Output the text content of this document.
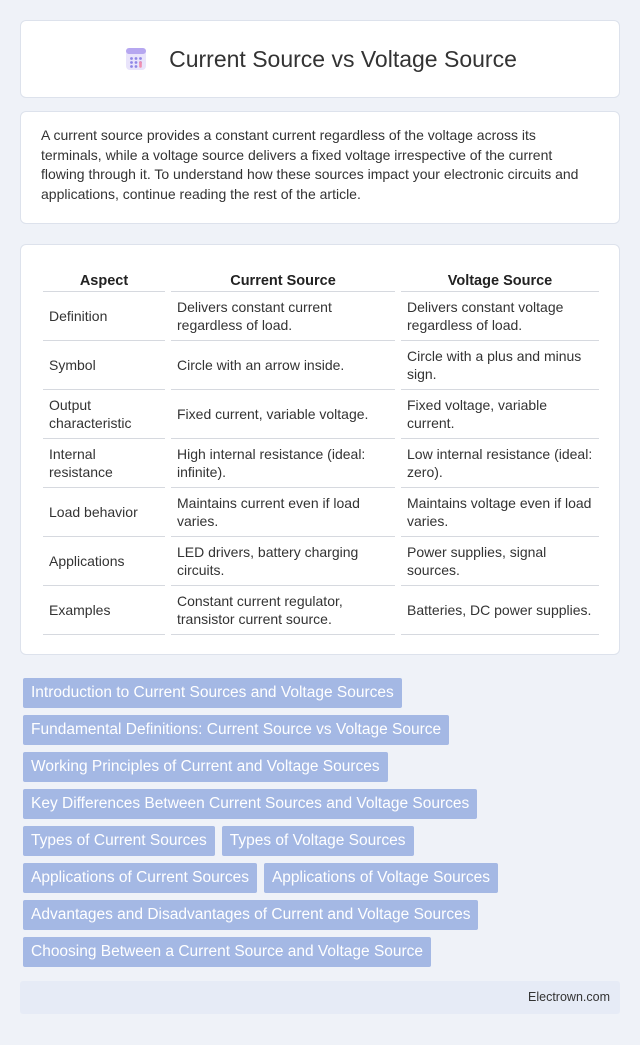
Current Source vs Voltage Source

A current source provides a constant current regardless of the voltage across its terminals, while a voltage source delivers a fixed voltage irrespective of the current flowing through it. To understand how these sources impact your electronic circuits and applications, continue reading the rest of the article.

Aspect	Current Source	Voltage Source
Definition	Delivers constant current regardless of load.	Delivers constant voltage regardless of load.
Symbol	Circle with an arrow inside.	Circle with a plus and minus sign.
Output characteristic	Fixed current, variable voltage.	Fixed voltage, variable current.
Internal resistance	High internal resistance (ideal: infinite).	Low internal resistance (ideal: zero).
Load behavior	Maintains current even if load varies.	Maintains voltage even if load varies.
Applications	LED drivers, battery charging circuits.	Power supplies, signal sources.
Examples	Constant current regulator, transistor current source.	Batteries, DC power supplies.
Introduction to Current Sources and Voltage Sources
Fundamental Definitions: Current Source vs Voltage Source
Working Principles of Current and Voltage Sources
Key Differences Between Current Sources and Voltage Sources
Types of Current Sources	Types of Voltage Sources
Applications of Current Sources	Applications of Voltage Sources
Advantages and Disadvantages of Current and Voltage Sources
Choosing Between a Current Source and Voltage Source
Electrown.com
